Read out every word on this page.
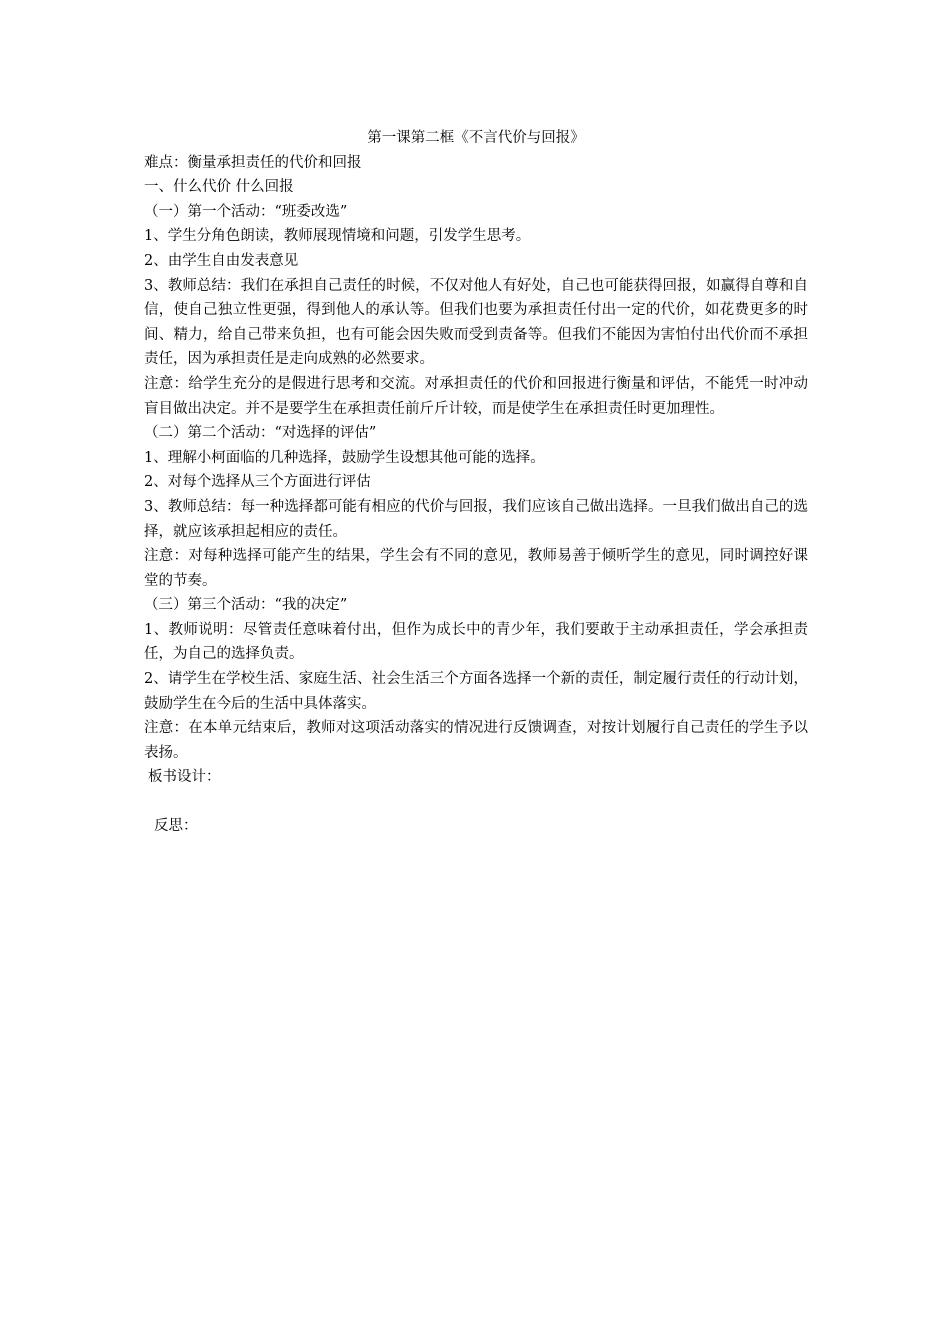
第一课第二框《不言代价与回报》

难点：衡量承担责任的代价和回报

一、什么代价 什么回报

（一）第一个活动：“班委改选”

1、学生分角色朗读，教师展现情境和问题，引发学生思考。

2、由学生自由发表意见

3、教师总结：我们在承担自己责任的时候，不仅对他人有好处，自己也可能获得回报，如赢得自尊和自信，使自己独立性更强，得到他人的承认等。但我们也要为承担责任付出一定的代价，如花费更多的时间、精力，给自己带来负担，也有可能会因失败而受到责备等。但我们不能因为害怕付出代价而不承担责任，因为承担责任是走向成熟的必然要求。

注意：给学生充分的是假进行思考和交流。对承担责任的代价和回报进行衡量和评估，不能凭一时冲动盲目做出决定。并不是要学生在承担责任前斤斤计较，而是使学生在承担责任时更加理性。

（二）第二个活动：“对选择的评估”

1、理解小柯面临的几种选择，鼓励学生设想其他可能的选择。

2、对每个选择从三个方面进行评估

3、教师总结：每一种选择都可能有相应的代价与回报，我们应该自己做出选择。一旦我们做出自己的选择，就应该承担起相应的责任。

注意：对每种选择可能产生的结果，学生会有不同的意见，教师易善于倾听学生的意见，同时调控好课堂的节奏。

（三）第三个活动：“我的决定”

1、教师说明：尽管责任意味着付出，但作为成长中的青少年，我们要敢于主动承担责任，学会承担责任，为自己的选择负责。

2、请学生在学校生活、家庭生活、社会生活三个方面各选择一个新的责任，制定履行责任的行动计划，鼓励学生在今后的生活中具体落实。

注意：在本单元结束后，教师对这项活动落实的情况进行反馈调查，对按计划履行自己责任的学生予以表扬。

板书设计：

反思：
